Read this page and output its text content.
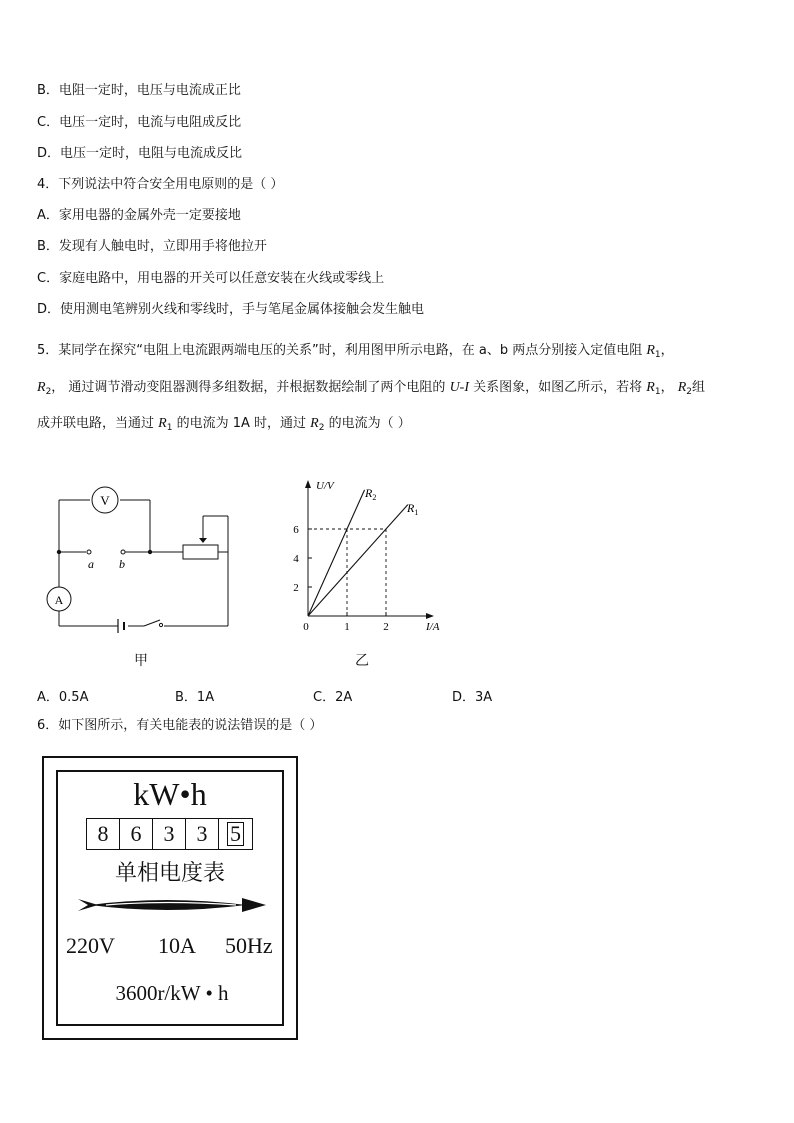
B．电阻一定时，电压与电流成正比
C．电压一定时，电流与电阻成反比
D．电压一定时，电阻与电流成反比
4．下列说法中符合安全用电原则的是（ ）
A．家用电器的金属外壳一定要接地
B．发现有人触电时，立即用手将他拉开
C．家庭电路中，用电器的开关可以任意安装在火线或零线上
D．使用测电笔辨别火线和零线时，手与笔尾金属体接触会发生触电
5．某同学在探究“电阻上电流跟两端电压的关系”时，利用图甲所示电路，在 a、b 两点分别接入定值电阻 $R_1$，
$R_2$， 通过调节滑动变阻器测得多组数据，并根据数据绘制了两个电阻的 U-I 关系图象，如图乙所示，若将 $R_1$， $R_2$组
成并联电路，当通过 $R_1$ 的电流为 1A 时，通过 $R_2$ 的电流为（ ）
V
A
a b
甲
U/V
I/A
0
$R_2$
$R_1$
2
4
6
1	2
乙
A．0.5A	B．1A	C．2A	D．3A
6．如下图所示，有关电能表的说法错误的是（ ）
kW•h
8	6	3	3	5
单相电度表
220V 10A 50Hz
3600r/kW • h
